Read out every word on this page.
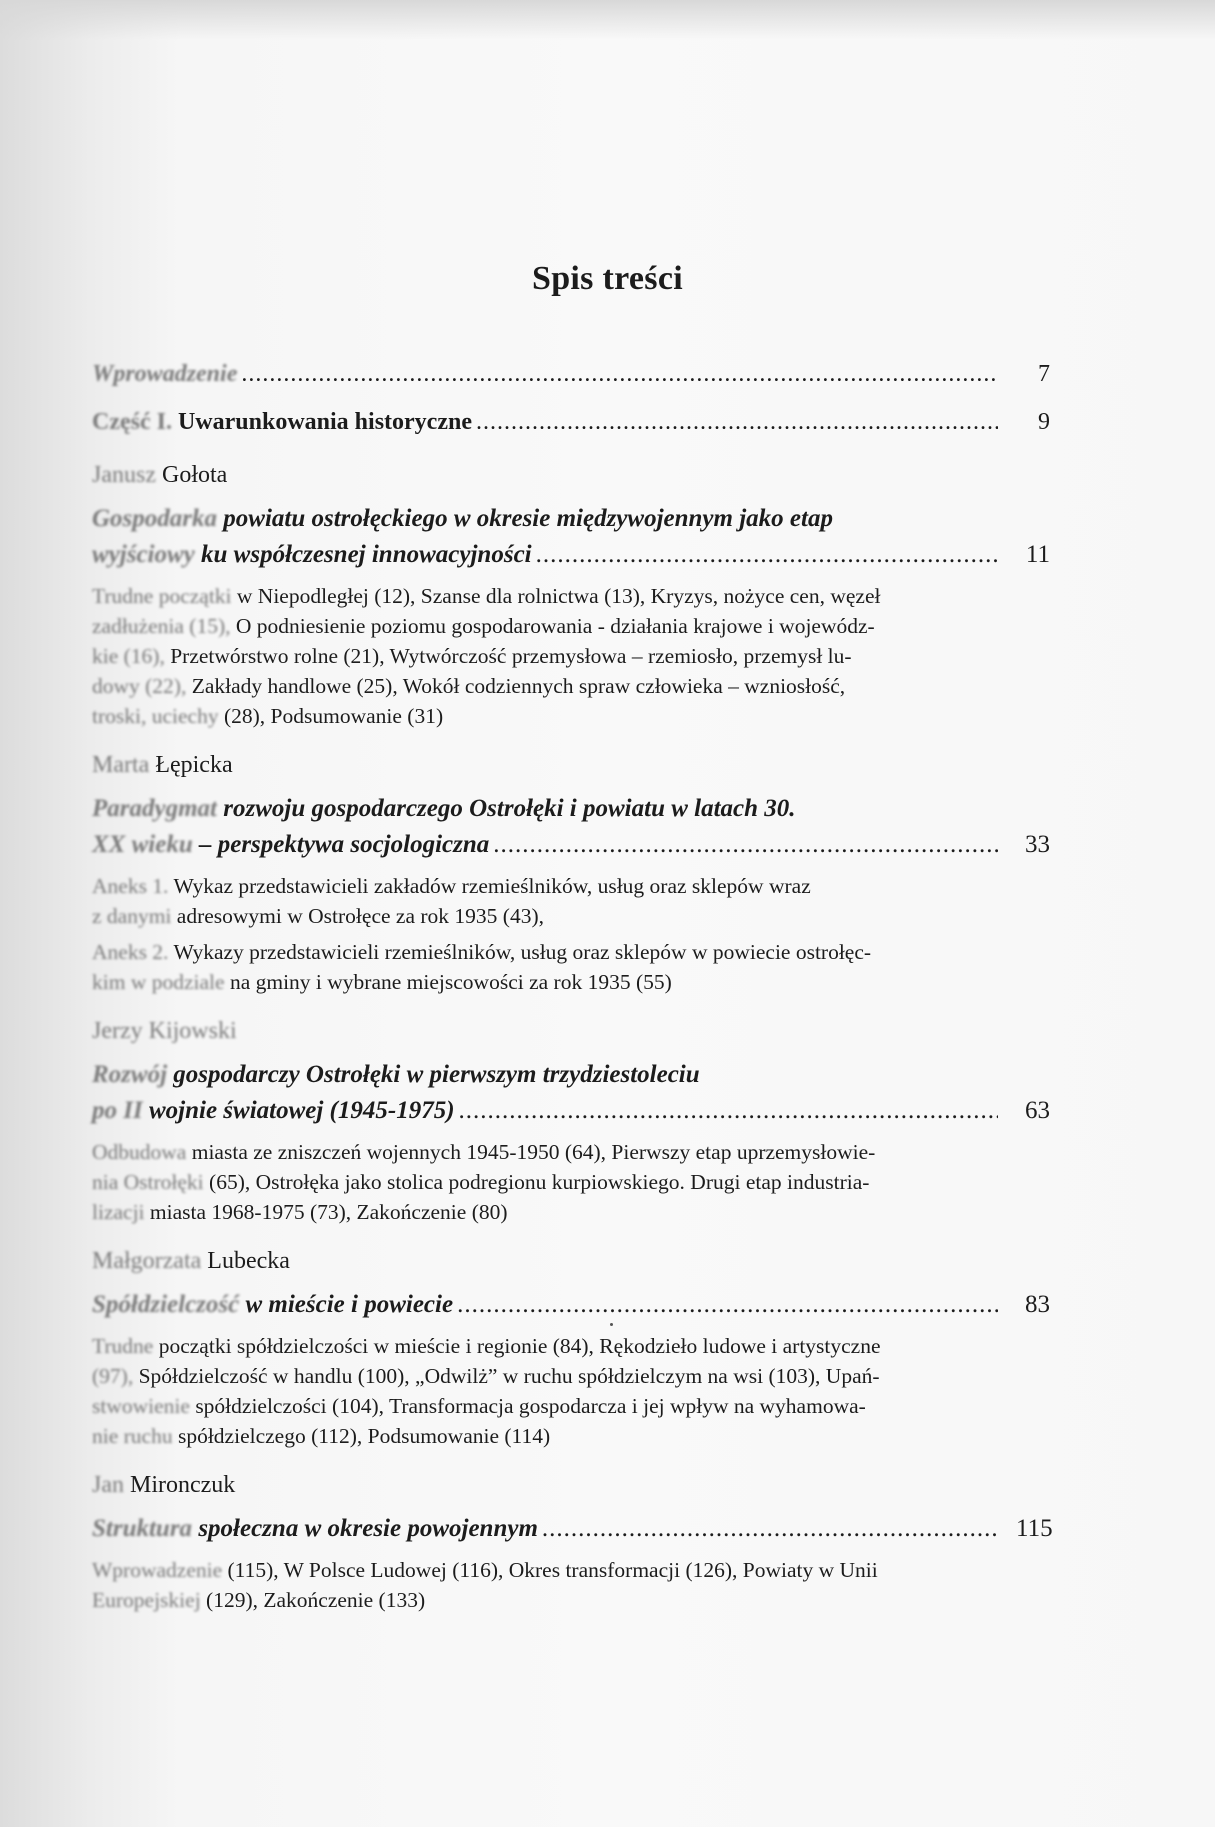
Spis treści
Wprowadzenie .....	7
Część I. Uwarunkowania historyczne .....	9
Janusz Gołota
Gospodarka powiatu ostrołęckiego w okresie międzywojennym jako etap
wyjściowy ku współczesnej innowacyjności .....	11
Trudne początki w Niepodległej (12), Szanse dla rolnictwa (13), Kryzys, nożyce cen, węzeł
zadłużenia (15), O podniesienie poziomu gospodarowania - działania krajowe i wojewódz-
kie (16), Przetwórstwo rolne (21), Wytwórczość przemysłowa – rzemiosło, przemysł lu-
dowy (22), Zakłady handlowe (25), Wokół codziennych spraw człowieka – wzniosłość,
troski, uciechy (28), Podsumowanie (31)
Marta Łępicka
Paradygmat rozwoju gospodarczego Ostrołęki i powiatu w latach 30.
XX wieku – perspektywa socjologiczna .....	33
Aneks 1. Wykaz przedstawicieli zakładów rzemieślników, usług oraz sklepów wraz
z danymi adresowymi w Ostrołęce za rok 1935 (43),
Aneks 2. Wykazy przedstawicieli rzemieślników, usług oraz sklepów w powiecie ostrołęc-
kim w podziale na gminy i wybrane miejscowości za rok 1935 (55)
Jerzy Kijowski
Rozwój gospodarczy Ostrołęki w pierwszym trzydziestoleciu
po II wojnie światowej (1945-1975) .....	63
Odbudowa miasta ze zniszczeń wojennych 1945-1950 (64), Pierwszy etap uprzemysłowie-
nia Ostrołęki (65), Ostrołęka jako stolica podregionu kurpiowskiego. Drugi etap industria-
lizacji miasta 1968-1975 (73), Zakończenie (80)
Małgorzata Lubecka
Spółdzielczość w mieście i powiecie .....	83
Trudne początki spółdzielczości w mieście i regionie (84), Rękodzieło ludowe i artystyczne
(97), Spółdzielczość w handlu (100), „Odwilż” w ruchu spółdzielczym na wsi (103), Upań-
stwowienie spółdzielczości (104), Transformacja gospodarcza i jej wpływ na wyhamowa-
nie ruchu spółdzielczego (112), Podsumowanie (114)
Jan Mironczuk
Struktura społeczna w okresie powojennym .....	115
Wprowadzenie (115), W Polsce Ludowej (116), Okres transformacji (126), Powiaty w Unii
Europejskiej (129), Zakończenie (133)
